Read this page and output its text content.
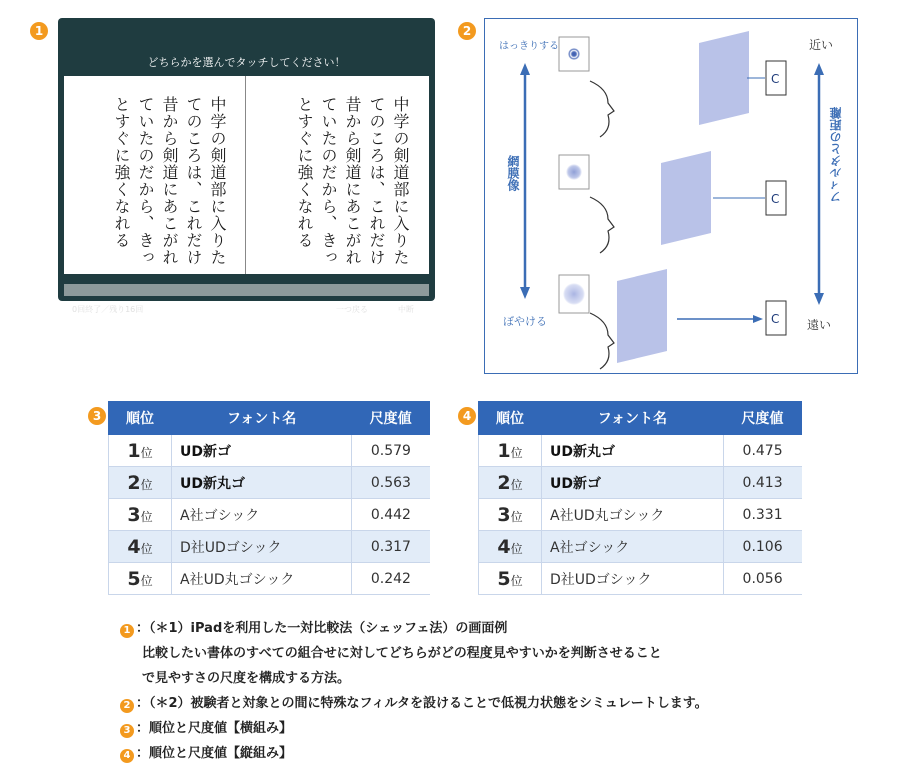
1	2
3	4
どちらかを選んでタッチしてください！
中学の剣道部に入りたてのころは、これだけ昔から剣道にあこがれていたのだから、きっとすぐに強くなれる	中学の剣道部に入りたてのころは、これだけ昔から剣道にあこがれていたのだから、きっとすぐに強くなれる
0回終了／残り16回	一つ戻る	中断
網膜像	フィルタとの距離
はっきりする
ぼやける
近い
遠い
C
C
C
順位	フォント名	尺度値
1位	UD新ゴ	0.579
2位	UD新丸ゴ	0.563
3位	A社ゴシック	0.442
4位	D社UDゴシック	0.317
5位	A社UD丸ゴシック	0.242
順位	フォント名	尺度値
1位	UD新丸ゴ	0.475
2位	UD新ゴ	0.413
3位	A社UD丸ゴシック	0.331
4位	A社ゴシック	0.106
5位	D社UDゴシック	0.056
1 ：（＊1）iPadを利用した一対比較法（シェッフェ法）の画面例
比較したい書体のすべての組合せに対してどちらがどの程度見やすいかを判断させること
で見やすさの尺度を構成する方法。
2 ：（＊2）被験者と対象との間に特殊なフィルタを設けることで低視力状態をシミュレートします。
3 ：順位と尺度値【横組み】
4 ：順位と尺度値【縦組み】
